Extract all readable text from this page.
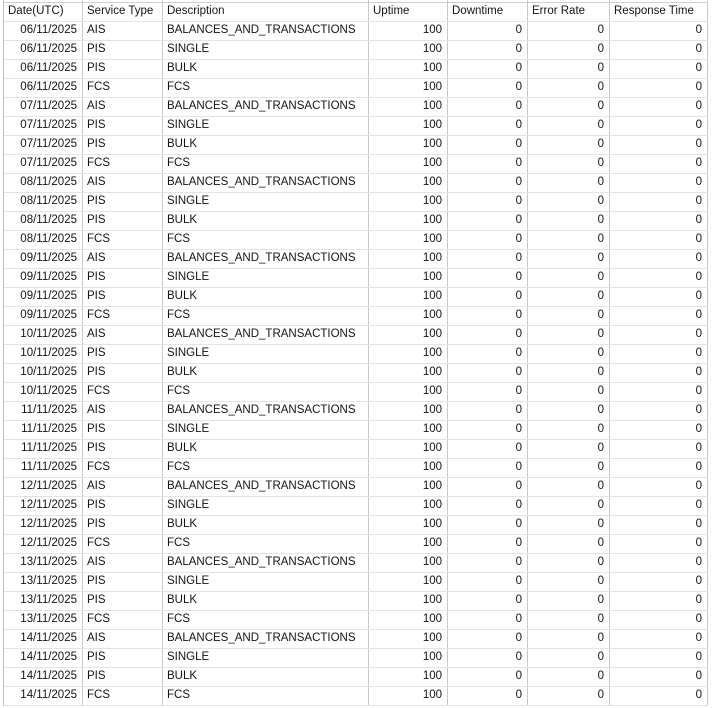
Date(UTC)	Service Type	Description	Uptime	Downtime	Error Rate	Response Time
06/11/2025 AIS	BALANCES_AND_TRANSACTIONS	100	0	0	0
06/11/2025 PIS	SINGLE	100	0	0	0
06/11/2025 PIS	BULK	100	0	0	0
06/11/2025 FCS	FCS	100	0	0	0
07/11/2025 AIS	BALANCES_AND_TRANSACTIONS	100	0	0	0
07/11/2025 PIS	SINGLE	100	0	0	0
07/11/2025 PIS	BULK	100	0	0	0
07/11/2025 FCS	FCS	100	0	0	0
08/11/2025 AIS	BALANCES_AND_TRANSACTIONS	100	0	0	0
08/11/2025 PIS	SINGLE	100	0	0	0
08/11/2025 PIS	BULK	100	0	0	0
08/11/2025 FCS	FCS	100	0	0	0
09/11/2025 AIS	BALANCES_AND_TRANSACTIONS	100	0	0	0
09/11/2025 PIS	SINGLE	100	0	0	0
09/11/2025 PIS	BULK	100	0	0	0
09/11/2025 FCS	FCS	100	0	0	0
10/11/2025 AIS	BALANCES_AND_TRANSACTIONS	100	0	0	0
10/11/2025 PIS	SINGLE	100	0	0	0
10/11/2025 PIS	BULK	100	0	0	0
10/11/2025 FCS	FCS	100	0	0	0
11/11/2025 AIS	BALANCES_AND_TRANSACTIONS	100	0	0	0
11/11/2025 PIS	SINGLE	100	0	0	0
11/11/2025 PIS	BULK	100	0	0	0
11/11/2025 FCS	FCS	100	0	0	0
12/11/2025 AIS	BALANCES_AND_TRANSACTIONS	100	0	0	0
12/11/2025 PIS	SINGLE	100	0	0	0
12/11/2025 PIS	BULK	100	0	0	0
12/11/2025 FCS	FCS	100	0	0	0
13/11/2025 AIS	BALANCES_AND_TRANSACTIONS	100	0	0	0
13/11/2025 PIS	SINGLE	100	0	0	0
13/11/2025 PIS	BULK	100	0	0	0
13/11/2025 FCS	FCS	100	0	0	0
14/11/2025 AIS	BALANCES_AND_TRANSACTIONS	100	0	0	0
14/11/2025 PIS	SINGLE	100	0	0	0
14/11/2025 PIS	BULK	100	0	0	0
14/11/2025 FCS	FCS	100	0	0	0
